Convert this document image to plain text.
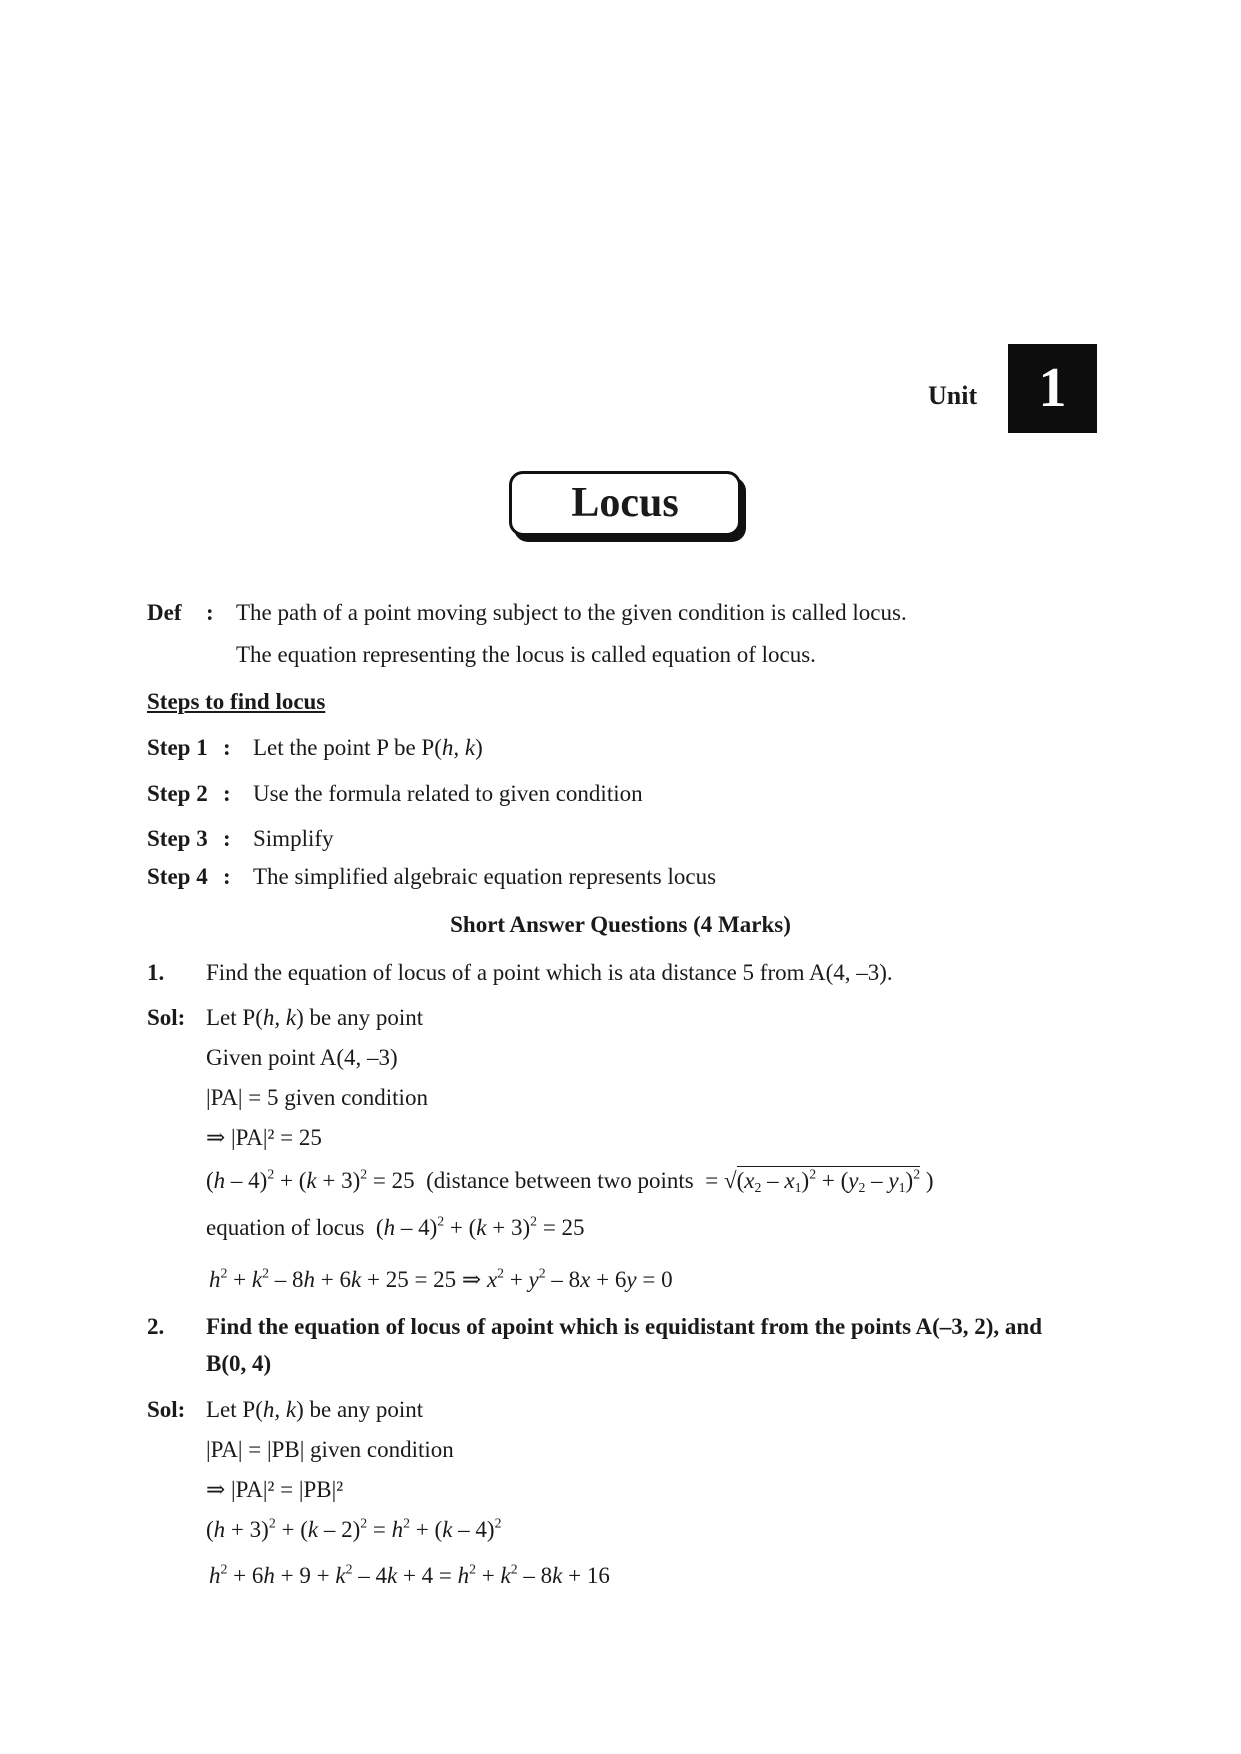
Unit	1
Locus
Def : The path of a point moving subject to the given condition is called locus.
The equation representing the locus is called equation of locus.
Steps to find locus
Step 1 : Let the point P be P(h, k)
Step 2 : Use the formula related to given condition
Step 3 : Simplify
Step 4 : The simplified algebraic equation represents locus
Short Answer Questions (4 Marks)
1. Find the equation of locus of a point which is ata distance 5 from A(4, –3).
Sol: Let P(h, k) be any point
Given point A(4, –3)
|PA| = 5 given condition
⇒ |PA|² = 25
$(h - 4)^2 + (k + 3)^2 = 25$ (distance between two points  = $√(x_2 - x_1)^2 + (y_2 - y_1)^2$ )
equation of locus  $(h - 4)^2 + (k + 3)^2 = 25$
$h^2 + k^2 - 8h + 6k + 25 = 25$ ⇒ $x^2 + y^2 - 8x + 6y = 0$
2. Find the equation of locus of apoint which is equidistant from the points A(–3, 2), and
B(0, 4)
Sol: Let P(h, k) be any point
|PA| = |PB| given condition
⇒ |PA|² = |PB|²
$(h + 3)^2 + (k - 2)^2 = h^2 + (k - 4)^2$
$h^2 + 6h + 9 + k^2 - 4k + 4 = h^2 + k^2 - 8k + 16$
